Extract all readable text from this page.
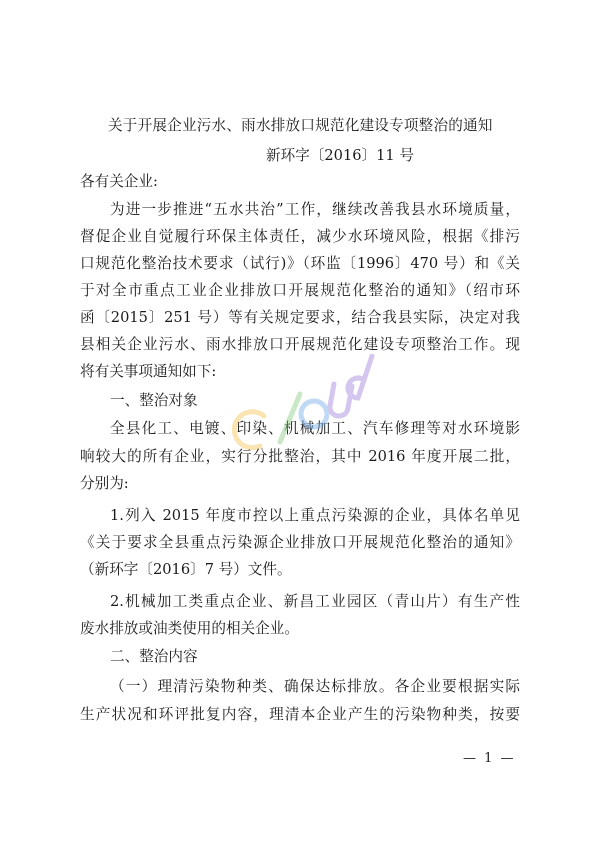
关于开展企业污水、雨水排放口规范化建设专项整治的通知
新环字〔2016〕11 号
各有关企业:
为进一步推进“五水共治”工作，继续改善我县水环境质量，
督促企业自觉履行环保主体责任，减少水环境风险，根据《排污
口规范化整治技术要求（试行)》（环监〔1996〕470 号）和《关
于对全市重点工业企业排放口开展规范化整治的通知》（绍市环
函〔2015〕251 号）等有关规定要求，结合我县实际，决定对我
县相关企业污水、雨水排放口开展规范化建设专项整治工作。现
将有关事项通知如下:
一、整治对象
全县化工、电镀、印染、机械加工、汽车修理等对水环境影
响较大的所有企业，实行分批整治，其中 2016 年度开展二批，
分别为:
1.列入 2015 年度市控以上重点污染源的企业，具体名单见
《关于要求全县重点污染源企业排放口开展规范化整治的通知》
（新环字〔2016〕7 号）文件。
2.机械加工类重点企业、新昌工业园区（青山片）有生产性
废水排放或油类使用的相关企业。
二、整治内容
（一）理清污染物种类、确保达标排放。各企业要根据实际
生产状况和环评批复内容，理清本企业产生的污染物种类，按要
— 1 —
